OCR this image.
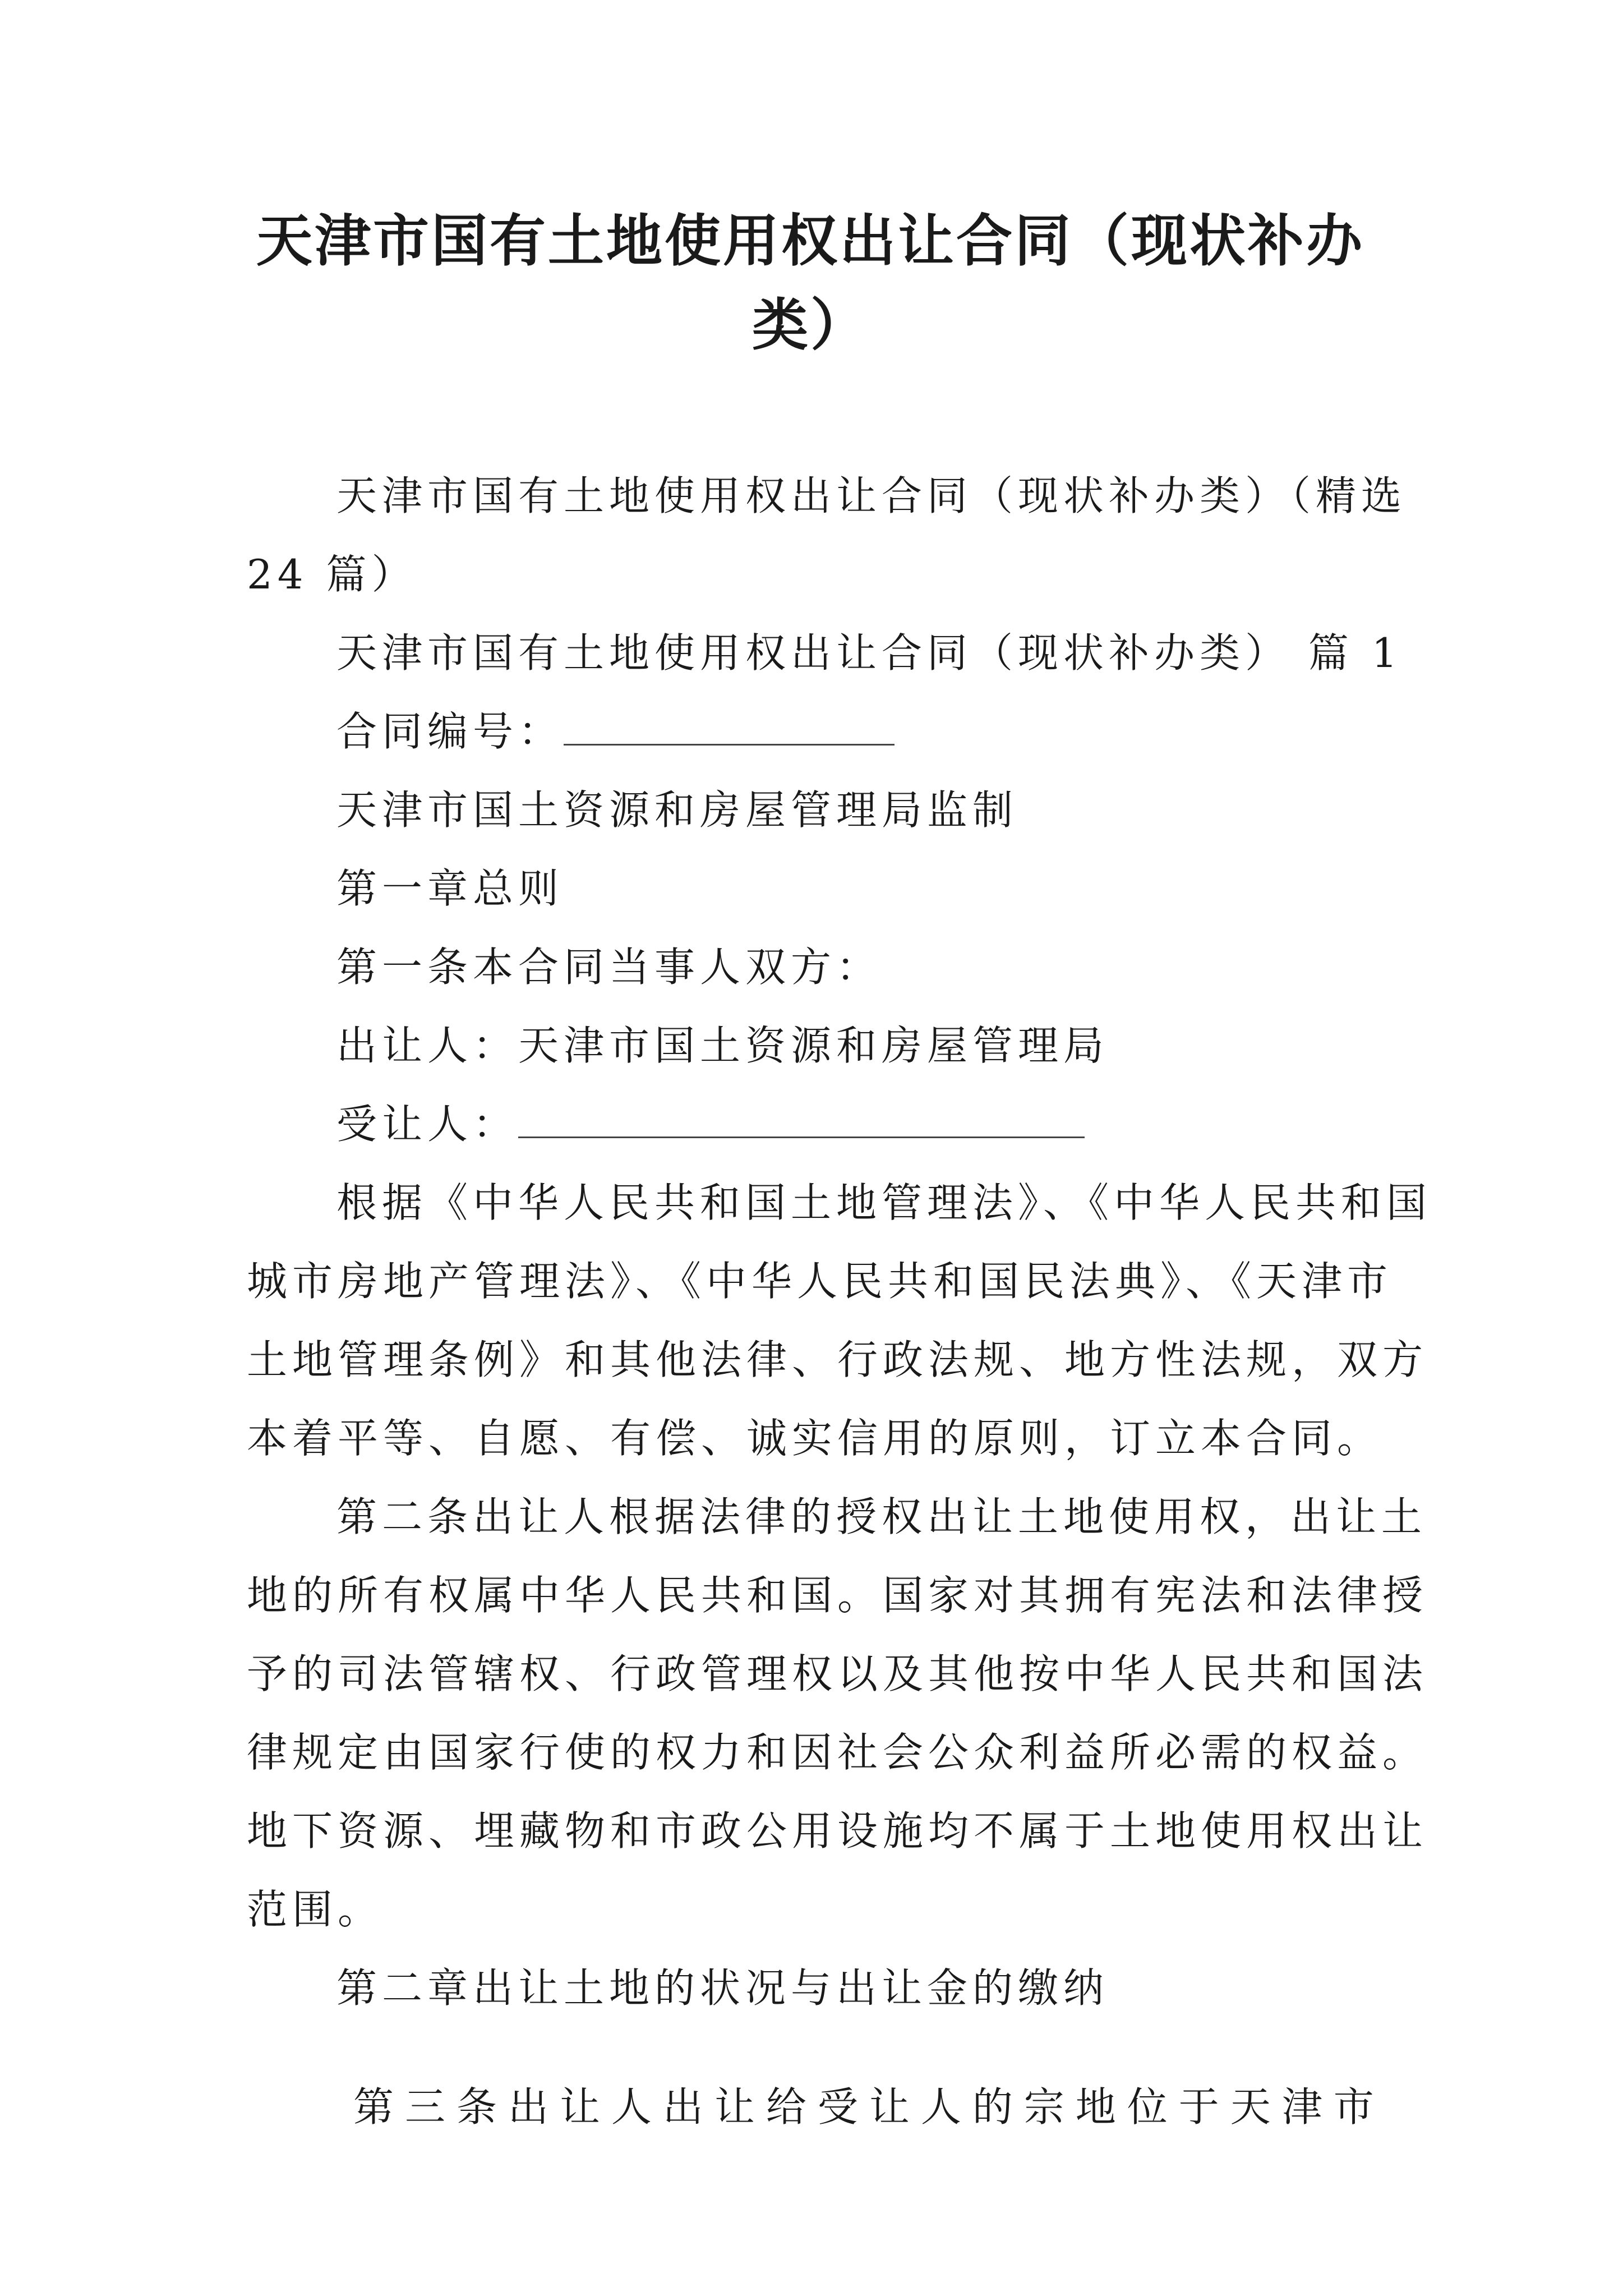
天津市国有土地使用权出让合同（现状补办
类）

天津市国有土地使用权出让合同（现状补办类）（精选

24 篇）

天津市国有土地使用权出让合同（现状补办类） 篇 1

合同编号：

天津市国土资源和房屋管理局监制

第一章总则

第一条本合同当事人双方：

出让人：天津市国土资源和房屋管理局

受让人：

根据《中华人民共和国土地管理法》、《中华人民共和国

城市房地产管理法》、《中华人民共和国民法典》、《天津市

土地管理条例》和其他法律、行政法规、地方性法规，双方

本着平等、自愿、有偿、诚实信用的原则，订立本合同。

第二条出让人根据法律的授权出让土地使用权，出让土

地的所有权属中华人民共和国。国家对其拥有宪法和法律授

予的司法管辖权、行政管理权以及其他按中华人民共和国法

律规定由国家行使的权力和因社会公众利益所必需的权益。

地下资源、埋藏物和市政公用设施均不属于土地使用权出让

范围。

第二章出让土地的状况与出让金的缴纳

第 三 条 出 让 人 出 让 给 受 让 人 的 宗 地 位 于 天 津 市
